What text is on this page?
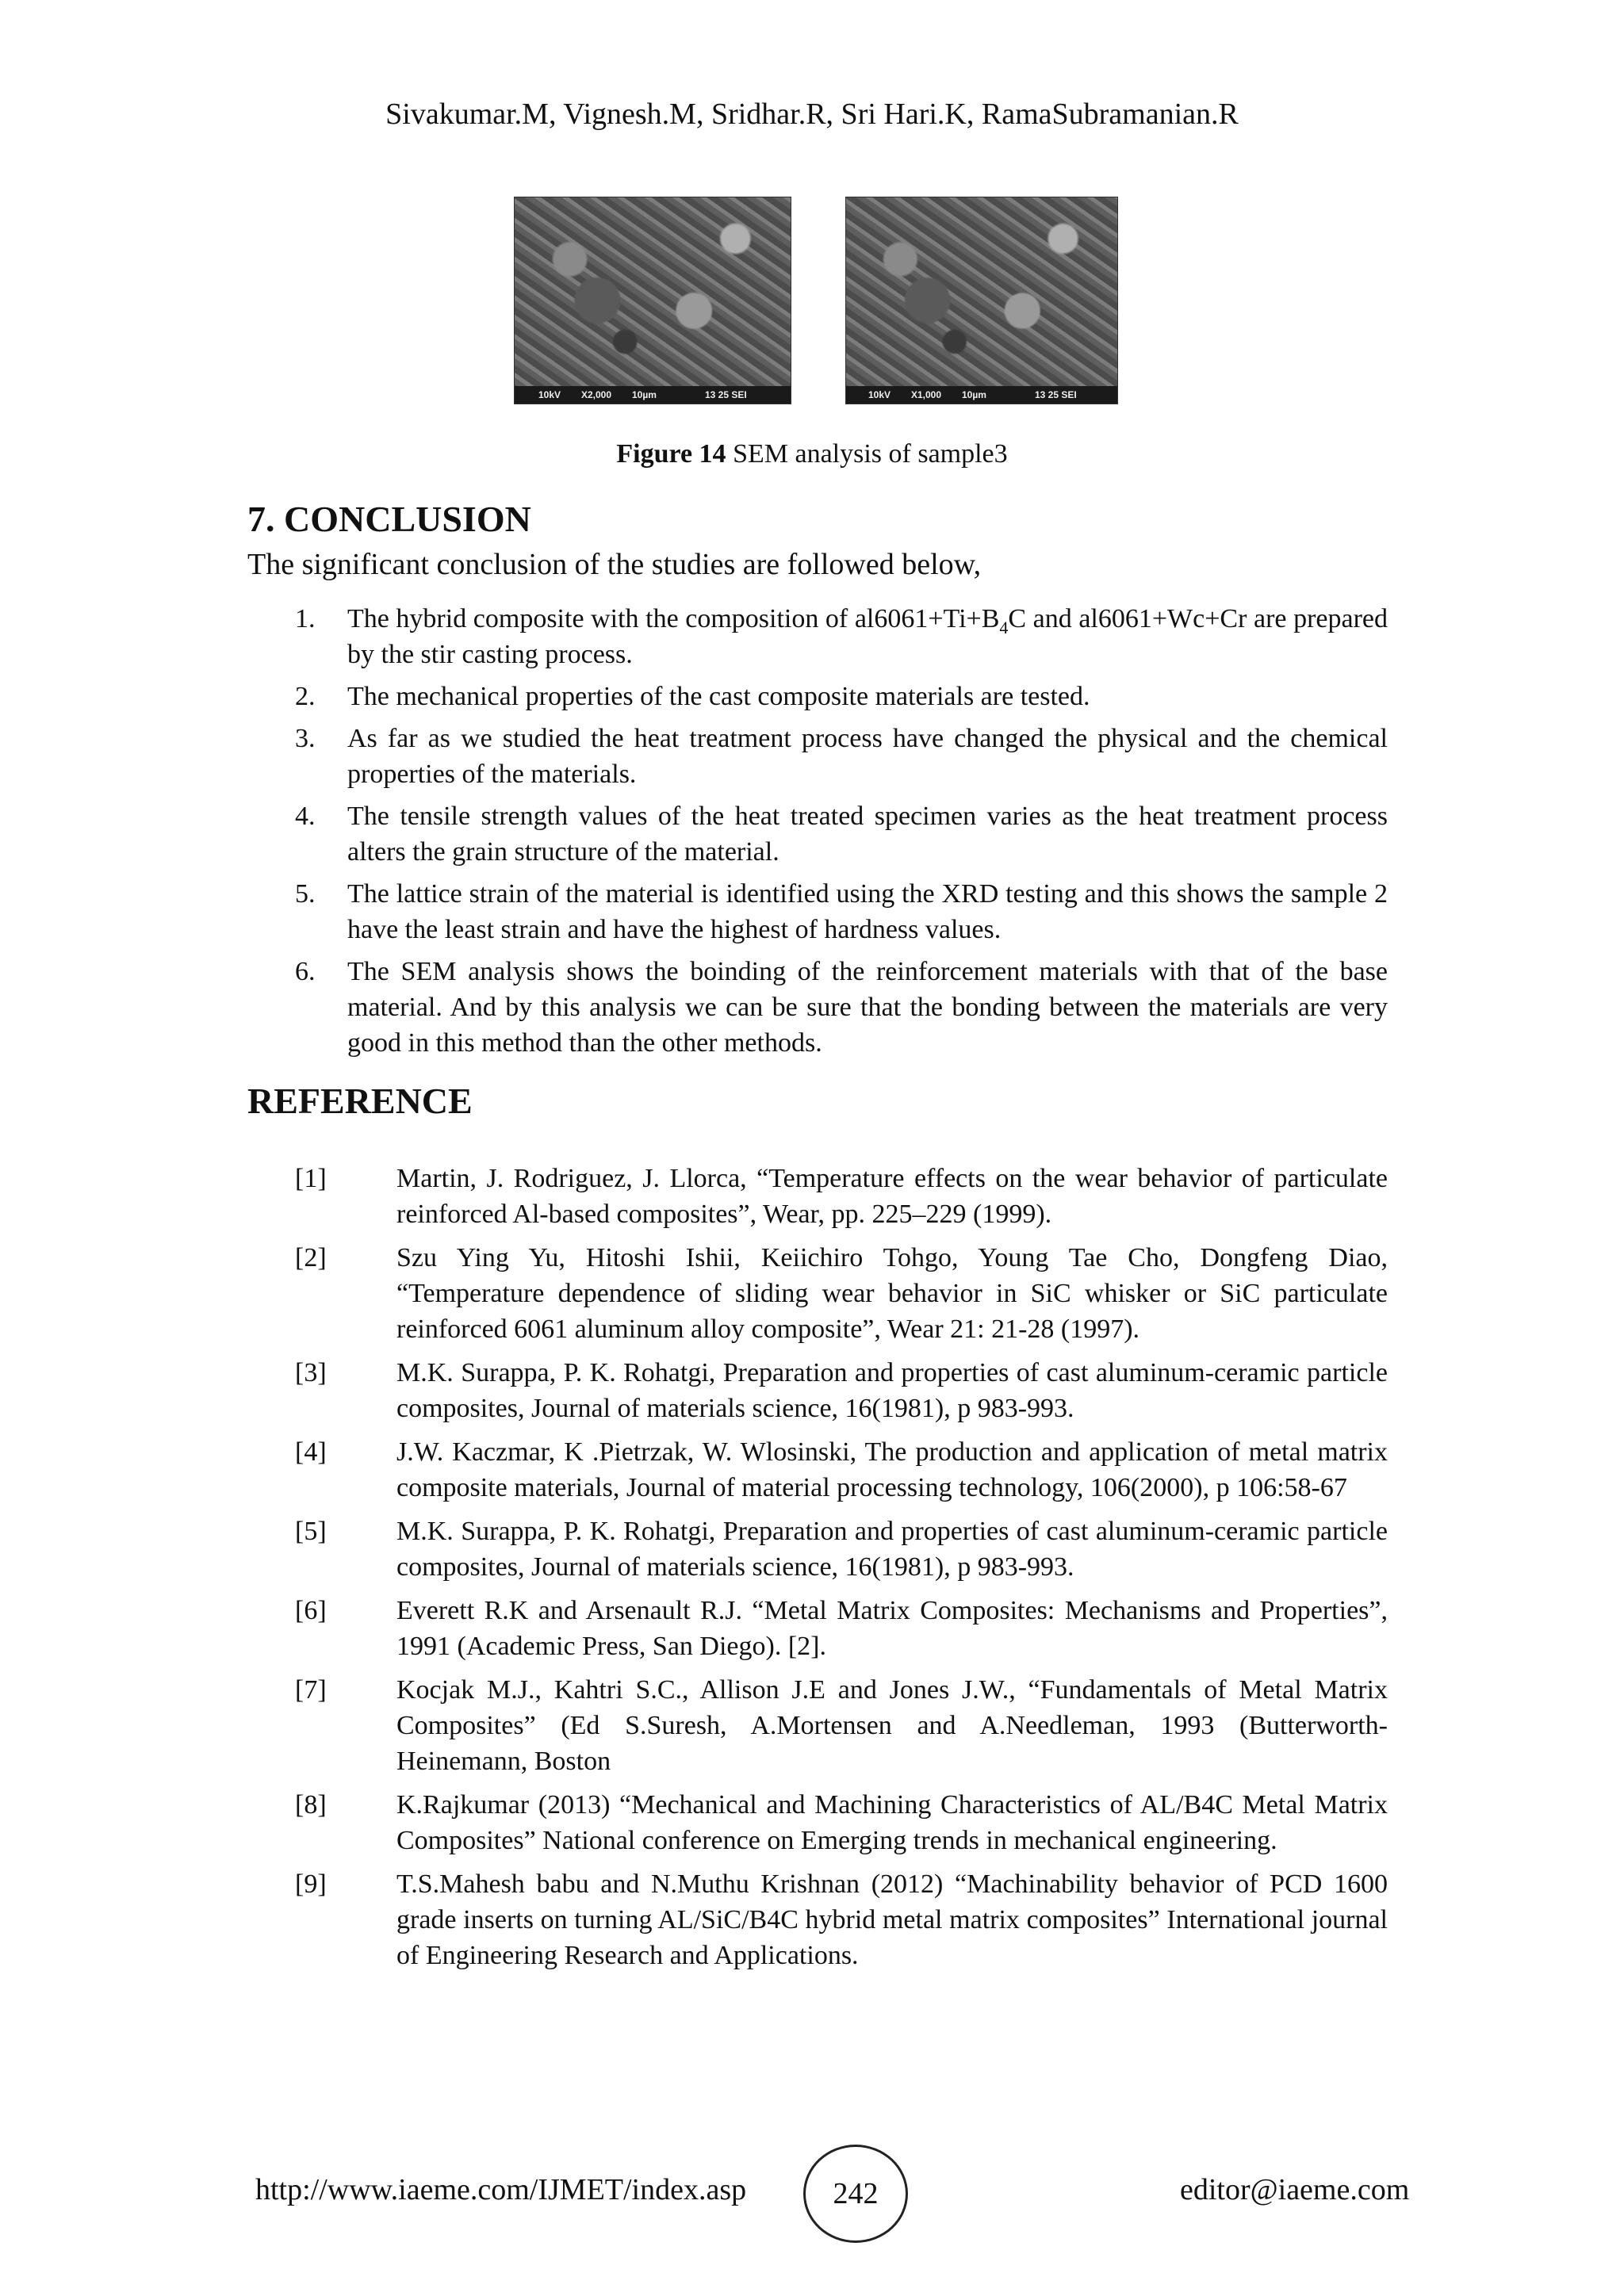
Sivakumar.M, Vignesh.M, Sridhar.R, Sri Hari.K, RamaSubramanian.R
10kV X2,000 10µm	13 25 SEI	10kV X1,000 10µm	13 25 SEI
Figure 14 SEM analysis of sample3
7. CONCLUSION
The significant conclusion of the studies are followed below,
1. The hybrid composite with the composition of $al6061+Ti+B_4C$ and al6061+Wc+Cr are prepared by the stir casting process.
2. The mechanical properties of the cast composite materials are tested.
3. As far as we studied the heat treatment process have changed the physical and the chemical properties of the materials.
4. The tensile strength values of the heat treated specimen varies as the heat treatment process alters the grain structure of the material.
5. The lattice strain of the material is identified using the XRD testing and this shows the sample 2 have the least strain and have the highest of hardness values.
6. The SEM analysis shows the boinding of the reinforcement materials with that of the base material. And by this analysis we can be sure that the bonding between the materials are very good in this method than the other methods.
REFERENCE
[1]	Martin, J. Rodriguez, J. Llorca, “Temperature effects on the wear behavior of particulate reinforced Al-based composites”, Wear, pp. 225–229 (1999).
[2]	Szu Ying Yu, Hitoshi Ishii, Keiichiro Tohgo, Young Tae Cho, Dongfeng Diao, “Temperature dependence of sliding wear behavior in SiC whisker or SiC particulate reinforced 6061 aluminum alloy composite”, Wear 21: 21-28 (1997).
[3]	M.K. Surappa, P. K. Rohatgi, Preparation and properties of cast aluminum-ceramic particle composites, Journal of materials science, 16(1981), p 983-993.
[4]	J.W. Kaczmar, K .Pietrzak, W. Wlosinski, The production and application of metal matrix composite materials, Journal of material processing technology, 106(2000), p 106:58-67
[5]	M.K. Surappa, P. K. Rohatgi, Preparation and properties of cast aluminum-ceramic particle composites, Journal of materials science, 16(1981), p 983-993.
[6]	Everett R.K and Arsenault R.J. “Metal Matrix Composites: Mechanisms and Properties”, 1991 (Academic Press, San Diego). [2].
[7]	Kocjak M.J., Kahtri S.C., Allison J.E and Jones J.W., “Fundamentals of Metal Matrix Composites” (Ed S.Suresh, A.Mortensen and A.Needleman, 1993 (Butterworth- Heinemann, Boston
[8]	K.Rajkumar (2013) “Mechanical and Machining Characteristics of AL/B4C Metal Matrix Composites” National conference on Emerging trends in mechanical engineering.
[9]	T.S.Mahesh babu and N.Muthu Krishnan (2012) “Machinability behavior of PCD 1600 grade inserts on turning AL/SiC/B4C hybrid metal matrix composites” International journal of Engineering Research and Applications.
http://www.iaeme.com/IJMET/index.asp	242	editor@iaeme.com
